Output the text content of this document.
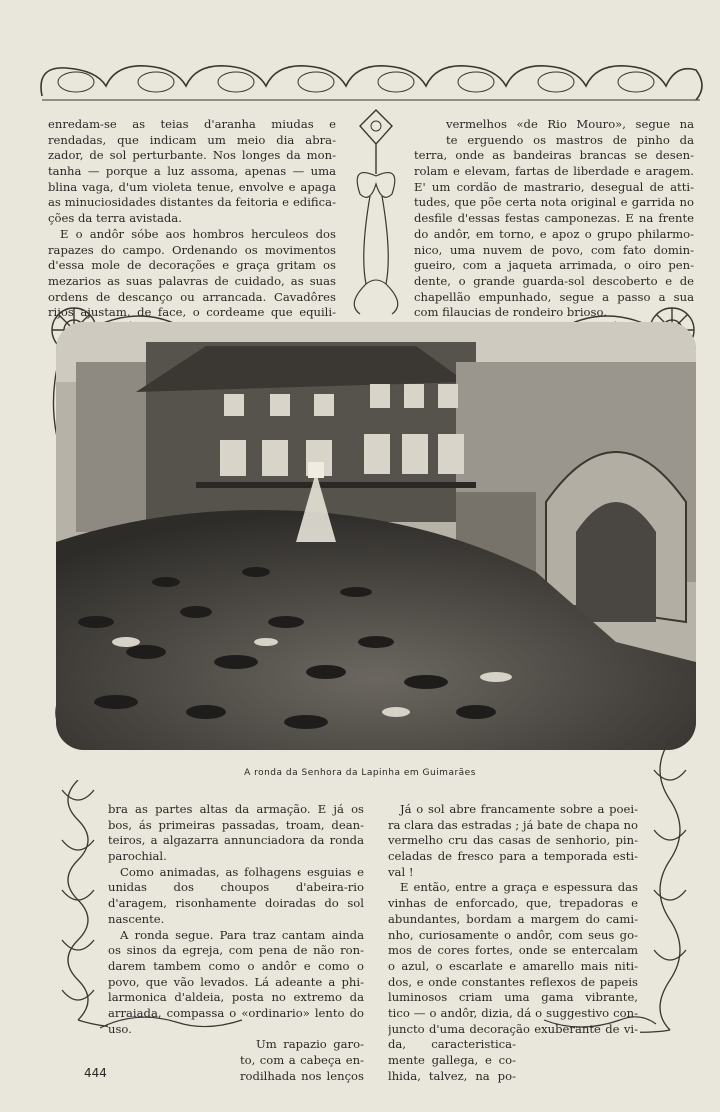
enredam-se as teias d'aranha miudas e

rendadas, que indicam um meio dia abra-

zador, de sol perturbante. Nos longes da mon-

tanha — porque a luz assoma, apenas — uma

blina vaga, d'um violeta tenue, envolve e apaga

as minuciosidades distantes da feitoria e edifica-

ções da terra avistada.

E o andôr sóbe aos hombros herculeos dos

rapazes do campo. Ordenando os movimentos

d'essa mole de decorações e graça gritam os

mezarios as suas palavras de cuidado, as suas

ordens de descanço ou arrancada. Cavadôres

rijos ajustam, de face, o cordeame que equili-

vermelhos «de Rio Mouro», segue na

te erguendo os mastros de pinho da

terra, onde as bandeiras brancas se desen-

rolam e elevam, fartas de liberdade e aragem.

E' um cordão de mastrario, desegual de atti-

tudes, que põe certa nota original e garrida no

desfile d'essas festas camponezas. E na frente

do andôr, em torno, e apoz o grupo philarmo-

nico, uma nuvem de povo, com fato domin-

gueiro, com a jaqueta arrimada, o oiro pen-

dente, o grande guarda-sol descoberto e de

chapellão empunhado, segue a passo a sua

com filaucias de rondeiro brioso.

A ronda da Senhora da Lapinha em Guimarães

bra as partes altas da armação. E já os

bos, ás primeiras passadas, troam, dean-

teiros, a algazarra annunciadora da ronda

parochial.

Como animadas, as folhagens esguias e

unidas dos choupos d'abeira-rio

d'aragem, risonhamente doiradas do sol

nascente.

A ronda segue. Para traz cantam ainda

os sinos da egreja, com pena de não ron-

darem tambem como o andôr e como o

povo, que vão levados. Lá adeante a phi-

larmonica d'aldeia, posta no extremo da

arraiada, compassa o «ordinario» lento do

uso.

Um rapazio garo-

to, com a cabeça en-

rodilhada nos lenços

Já o sol abre francamente sobre a poei-

ra clara das estradas ; já bate de chapa no

vermelho cru das casas de senhorio, pin-

celadas de fresco para a temporada esti-

val !

E então, entre a graça e espessura das

vinhas de enforcado, que, trepadoras e

abundantes, bordam a margem do cami-

nho, curiosamente o andôr, com seus go-

mos de cores fortes, onde se entercalam

o azul, o escarlate e amarello mais niti-

dos, e onde constantes reflexos de papeis

luminosos criam uma gama vibrante,

tico — o andôr, dizia, dá o suggestivo con-

juncto d'uma decoração exuberante de vi-

da, caracteristica-

mente gallega, e co-

lhida, talvez, na po-

444
